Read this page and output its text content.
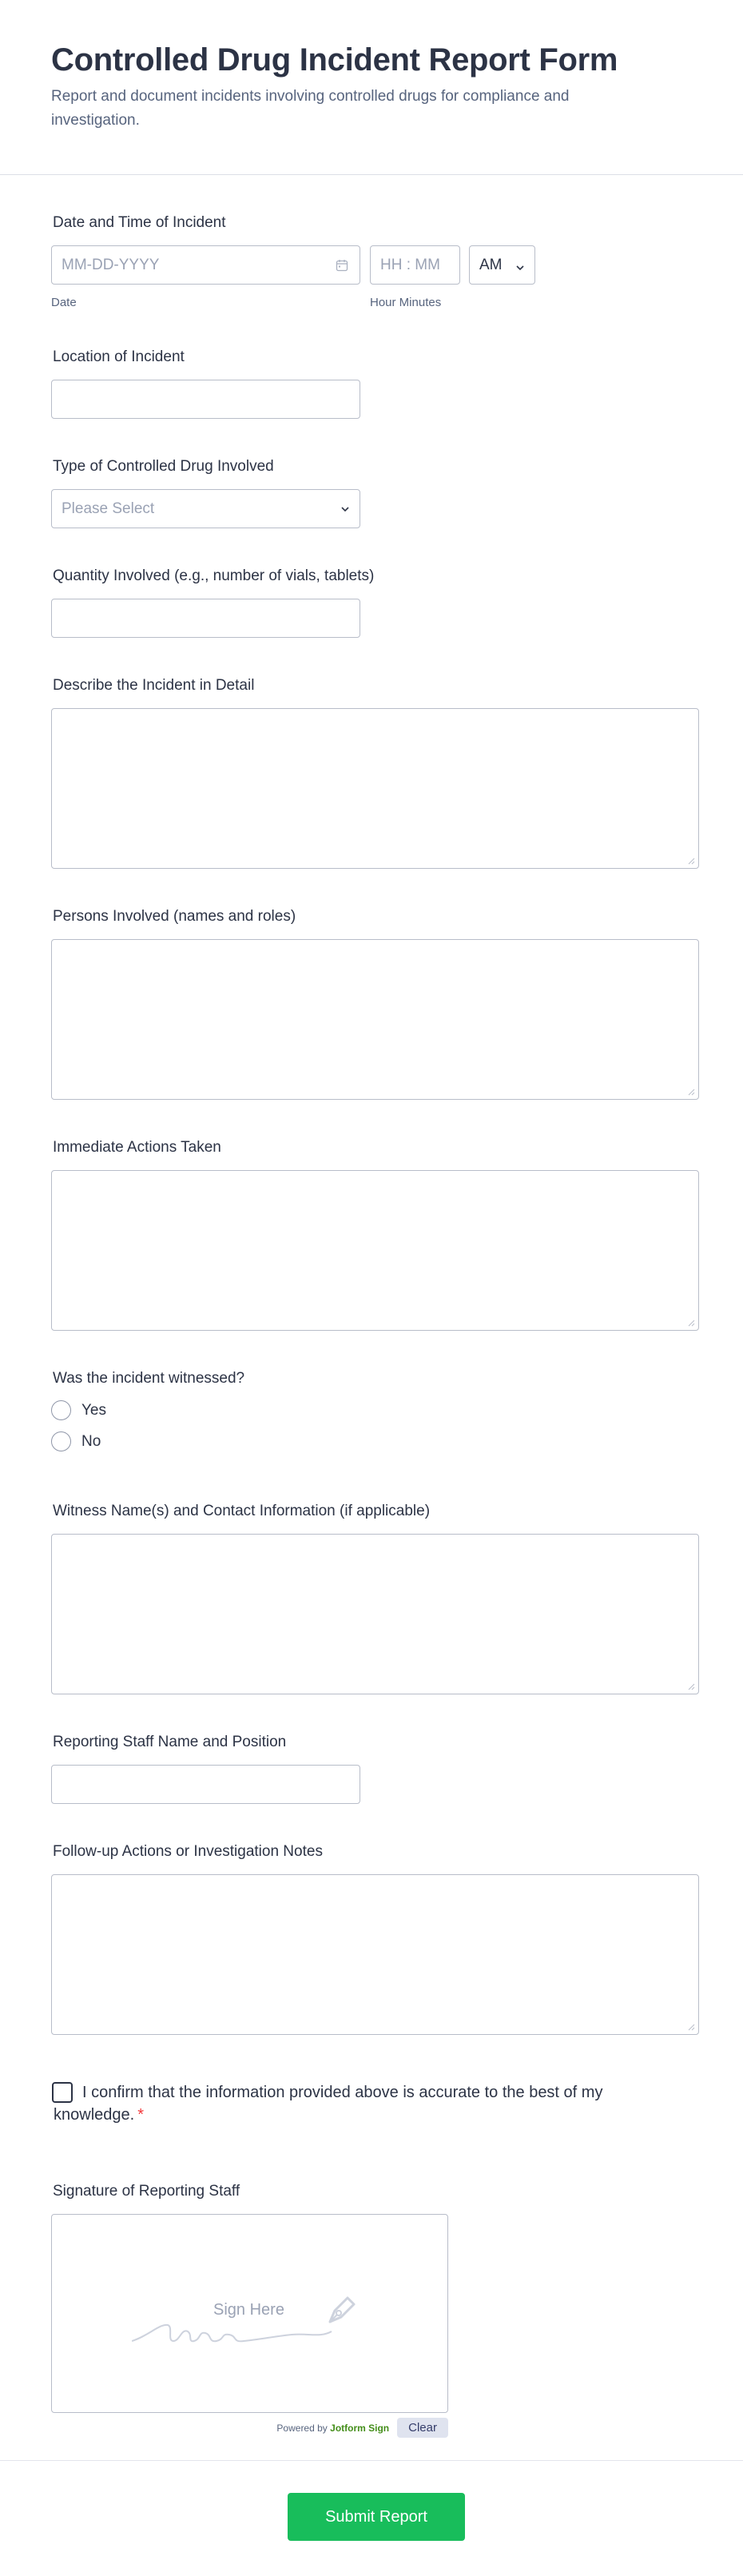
Controlled Drug Incident Report Form

Report and document incidents involving controlled drugs for compliance and investigation.

Date and Time of Incident
MM-DD-YYYY	HH : MM	AM
Date	Hour Minutes
Location of Incident
Type of Controlled Drug Involved
Please Select
Quantity Involved (e.g., number of vials, tablets)
Describe the Incident in Detail
Persons Involved (names and roles)
Immediate Actions Taken
Was the incident witnessed?
Yes
No
Witness Name(s) and Contact Information (if applicable)
Reporting Staff Name and Position
Follow-up Actions or Investigation Notes

I confirm that the information provided above is accurate to the best of my knowledge. *

Signature of Reporting Staff
Sign Here
Powered by Jotform Sign	Clear
Submit Report
